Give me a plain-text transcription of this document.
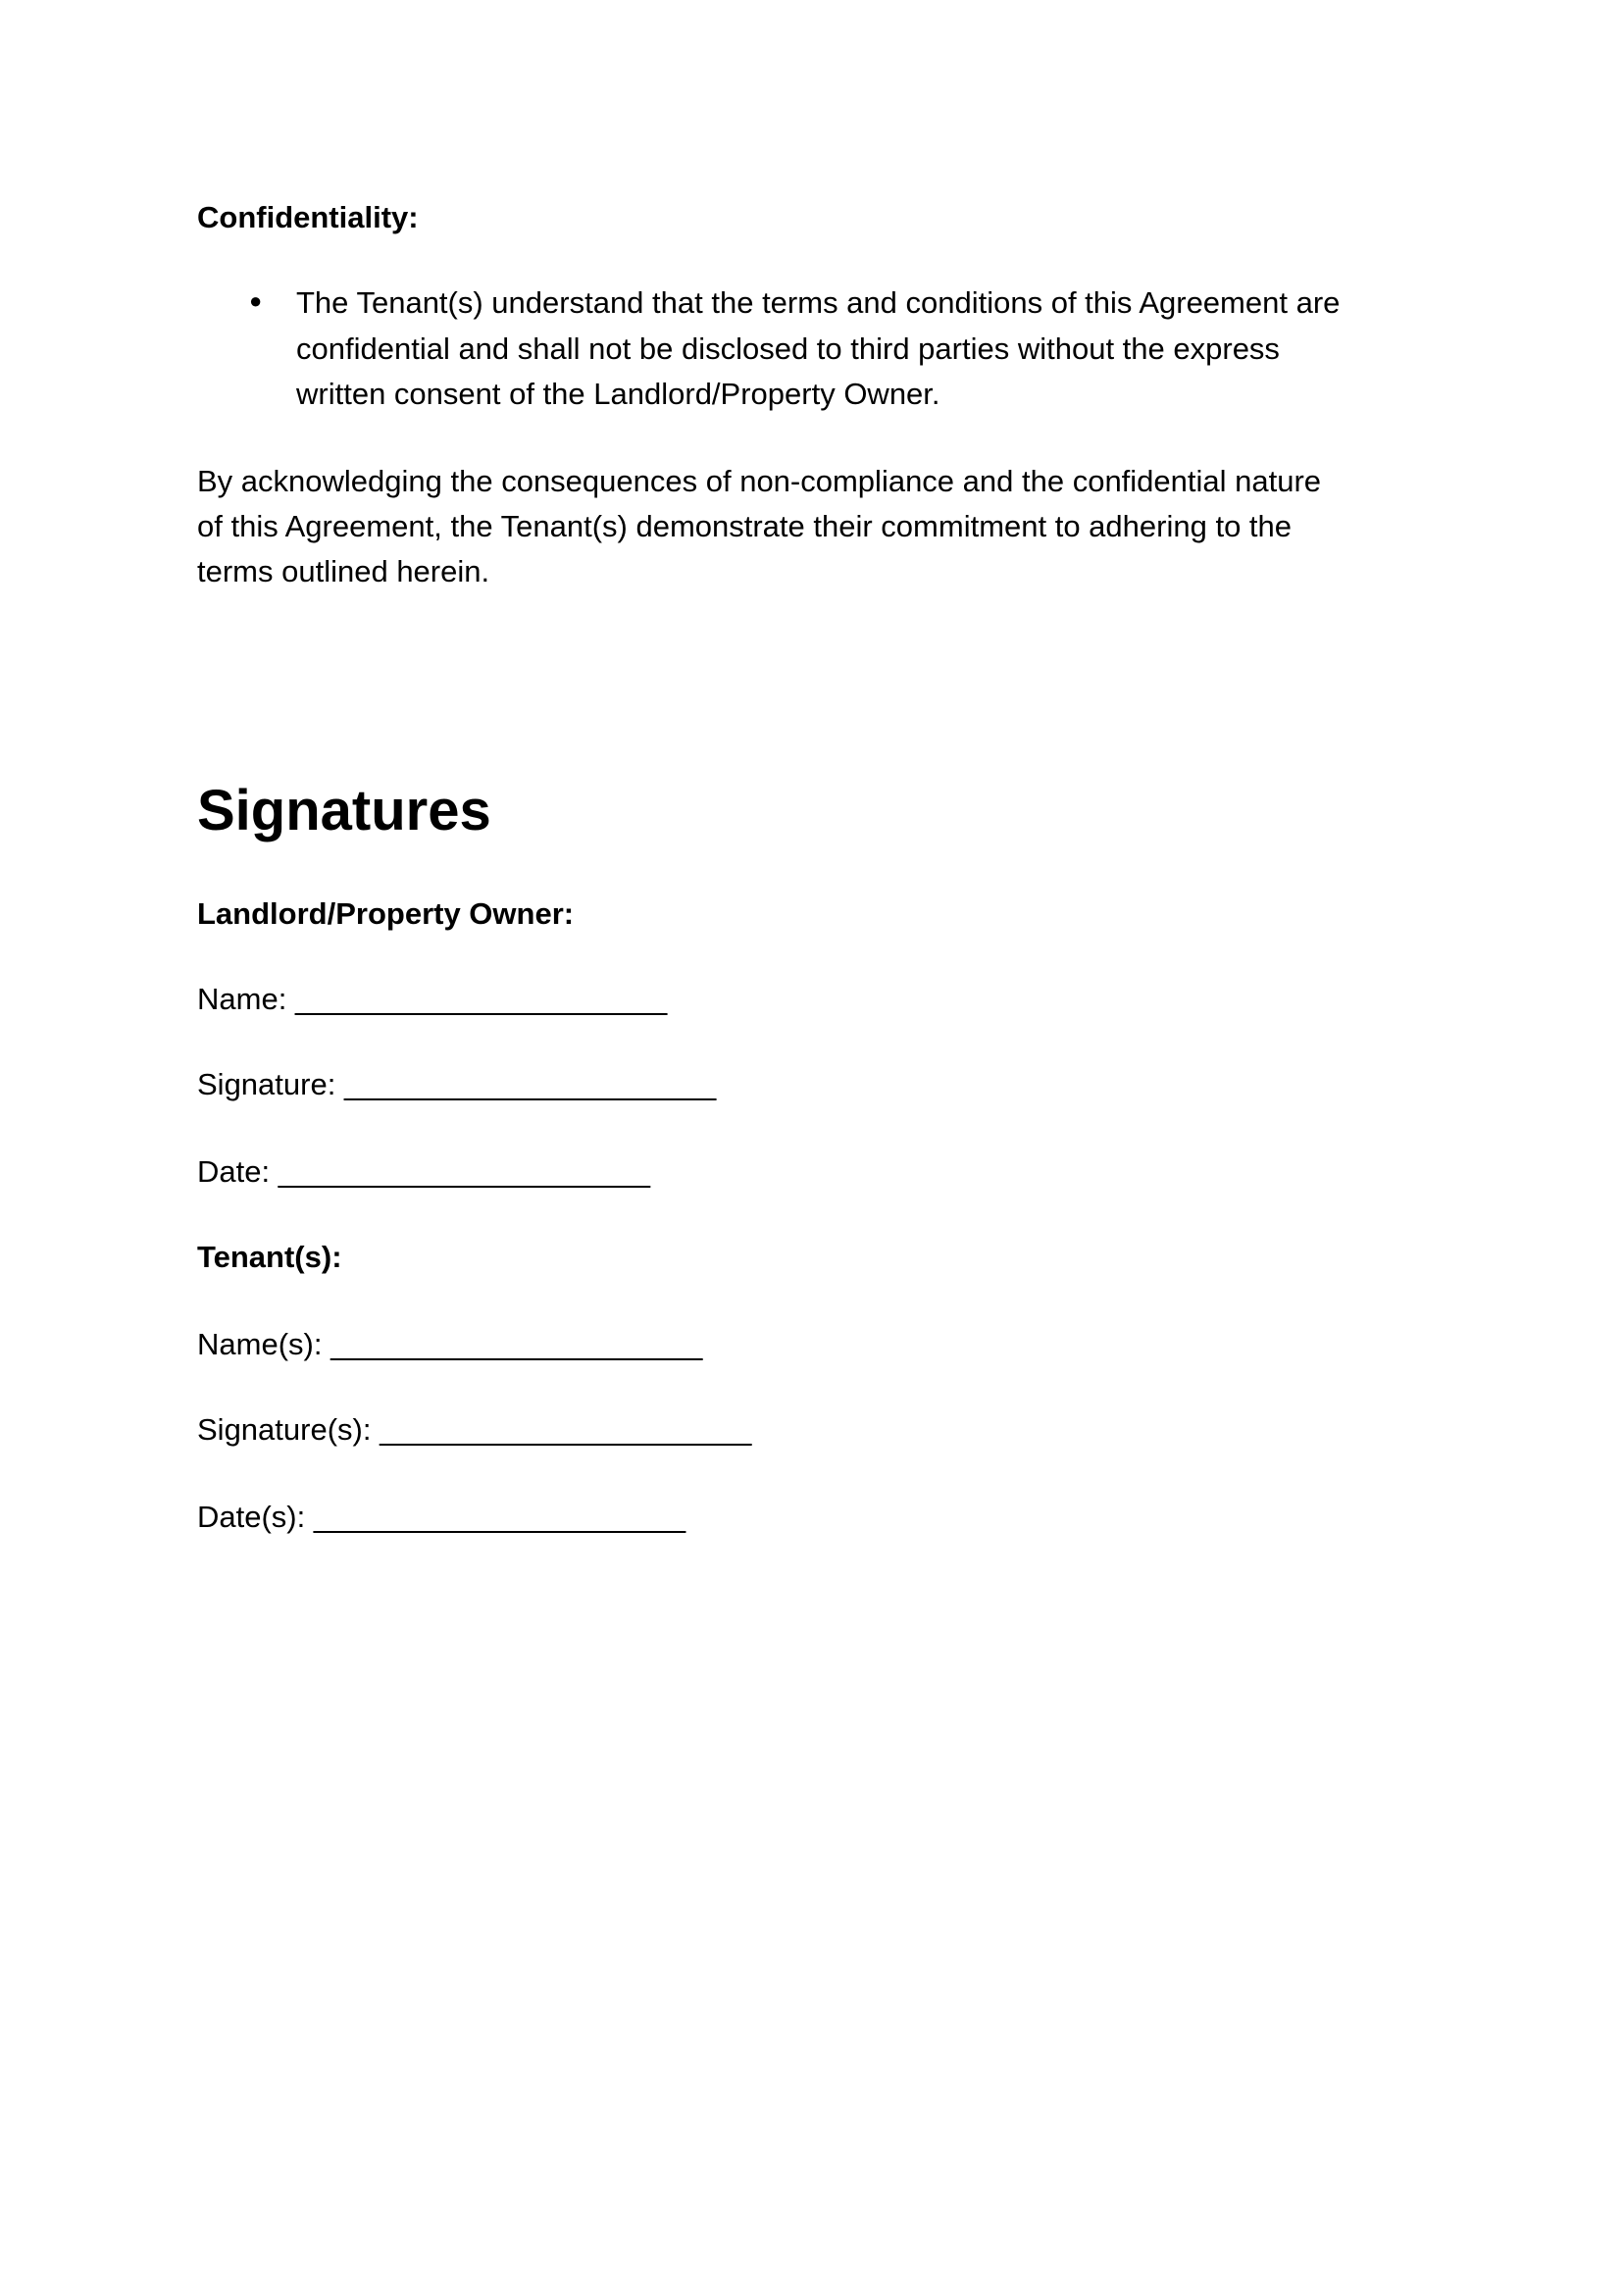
Confidentiality:
● The Tenant(s) understand that the terms and conditions of this Agreement are
confidential and shall not be disclosed to third parties without the express
written consent of the Landlord/Property Owner.
By acknowledging the consequences of non-compliance and the confidential nature
of this Agreement, the Tenant(s) demonstrate their commitment to adhering to the
terms outlined herein.
Signatures
Landlord/Property Owner:
Name: ______________________
Signature: ______________________
Date: ______________________
Tenant(s):
Name(s): ______________________
Signature(s): ______________________
Date(s): ______________________
